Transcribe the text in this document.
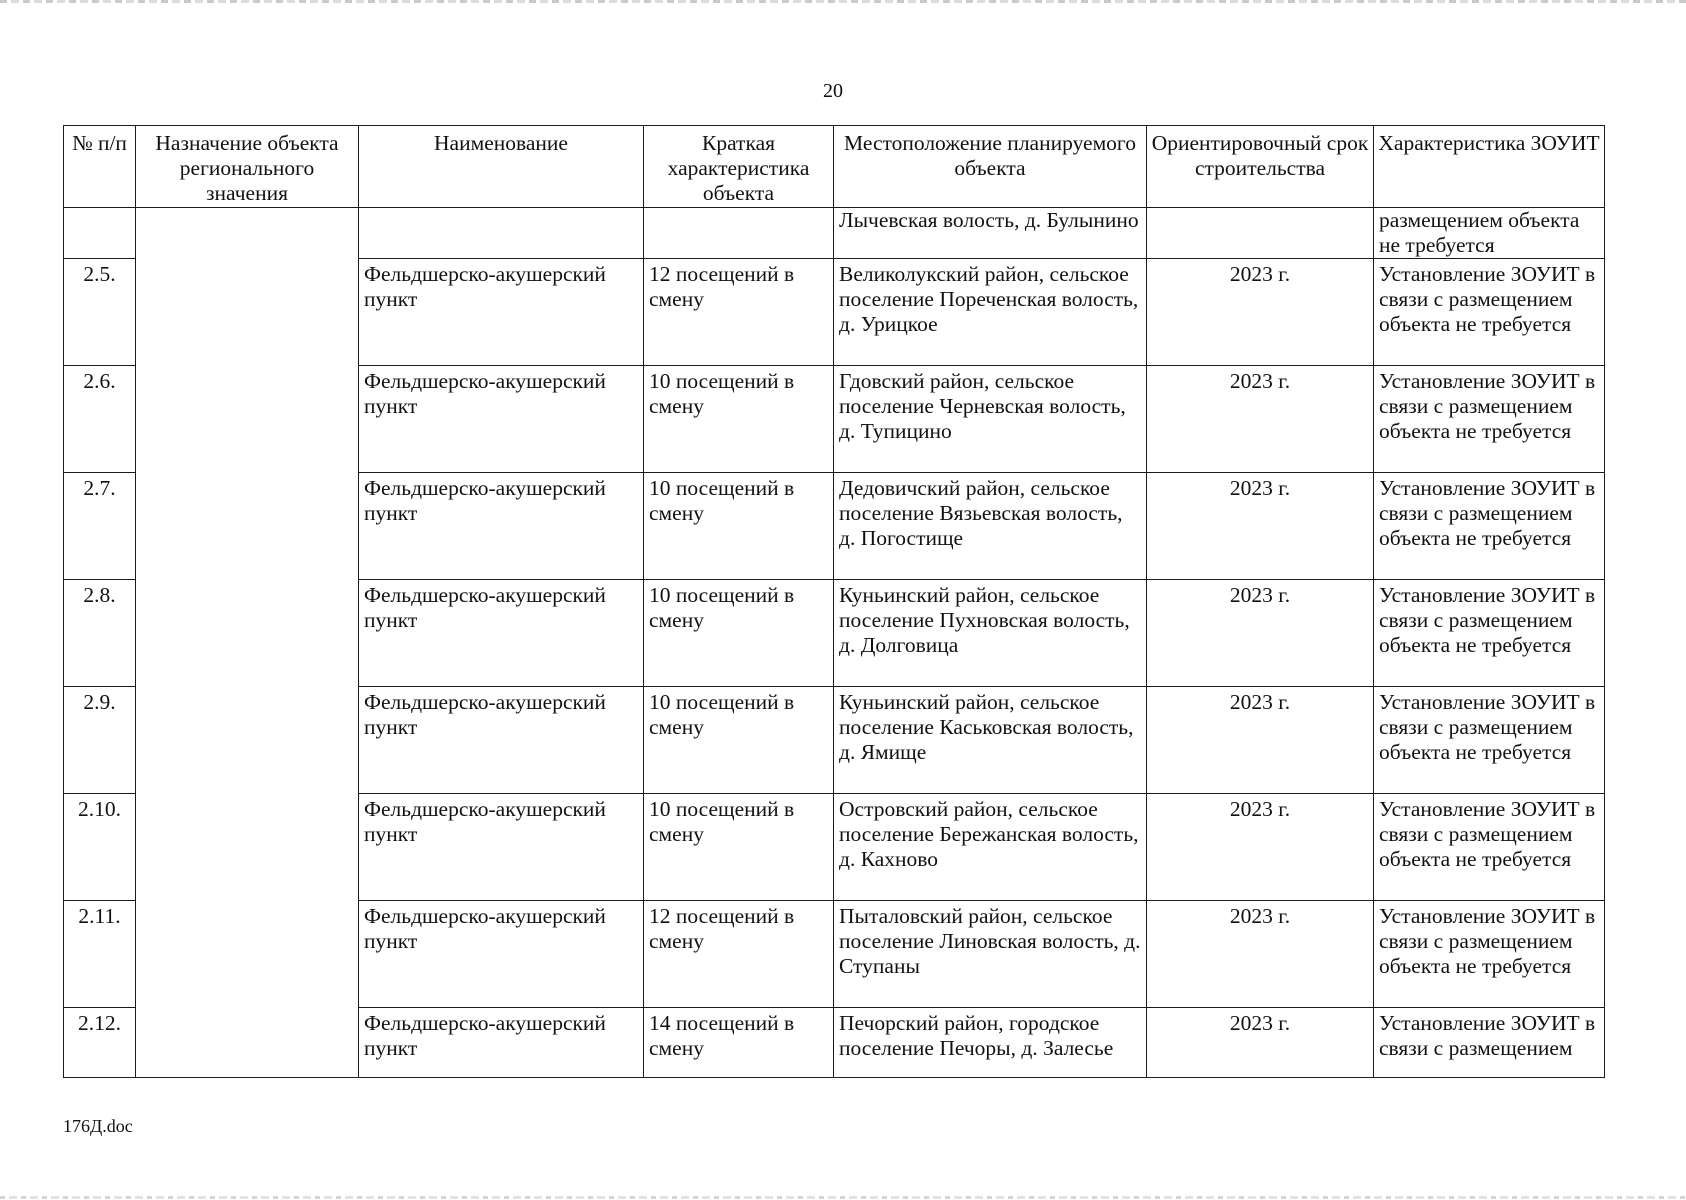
20
№ п/п	Назначение объекта регионального значения	Наименование	Краткая характеристика объекта	Местоположение планируемого объекта	Ориентировочный срок строительства	Характеристика ЗОУИТ
				Лычевская волость, д. Булынино		размещением объекта не требуется
2.5.		Фельдшерско-акушерский пункт	12 посещений в смену	Великолукский район, сельское поселение Пореченская волость, д. Урицкое	2023 г.	Установление ЗОУИТ в связи с размещением объекта не требуется
2.6.		Фельдшерско-акушерский пункт	10 посещений в смену	Гдовский район, сельское поселение Черневская волость, д. Тупицино	2023 г.	Установление ЗОУИТ в связи с размещением объекта не требуется
2.7.		Фельдшерско-акушерский пункт	10 посещений в смену	Дедовичский район, сельское поселение Вязьевская волость, д. Погостище	2023 г.	Установление ЗОУИТ в связи с размещением объекта не требуется
2.8.		Фельдшерско-акушерский пункт	10 посещений в смену	Куньинский район, сельское поселение Пухновская волость, д. Долговица	2023 г.	Установление ЗОУИТ в связи с размещением объекта не требуется
2.9.		Фельдшерско-акушерский пункт	10 посещений в смену	Куньинский район, сельское поселение Каськовская волость, д. Ямище	2023 г.	Установление ЗОУИТ в связи с размещением объекта не требуется
2.10.		Фельдшерско-акушерский пункт	10 посещений в смену	Островский район, сельское поселение Бережанская волость, д. Кахново	2023 г.	Установление ЗОУИТ в связи с размещением объекта не требуется
2.11.		Фельдшерско-акушерский пункт	12 посещений в смену	Пыталовский район, сельское поселение Линовская волость, д. Ступаны	2023 г.	Установление ЗОУИТ в связи с размещением объекта не требуется
2.12.		Фельдшерско-акушерский пункт	14 посещений в смену	Печорский район, городское поселение Печоры, д. Залесье	2023 г.	Установление ЗОУИТ в связи с размещением
176Д.doc
